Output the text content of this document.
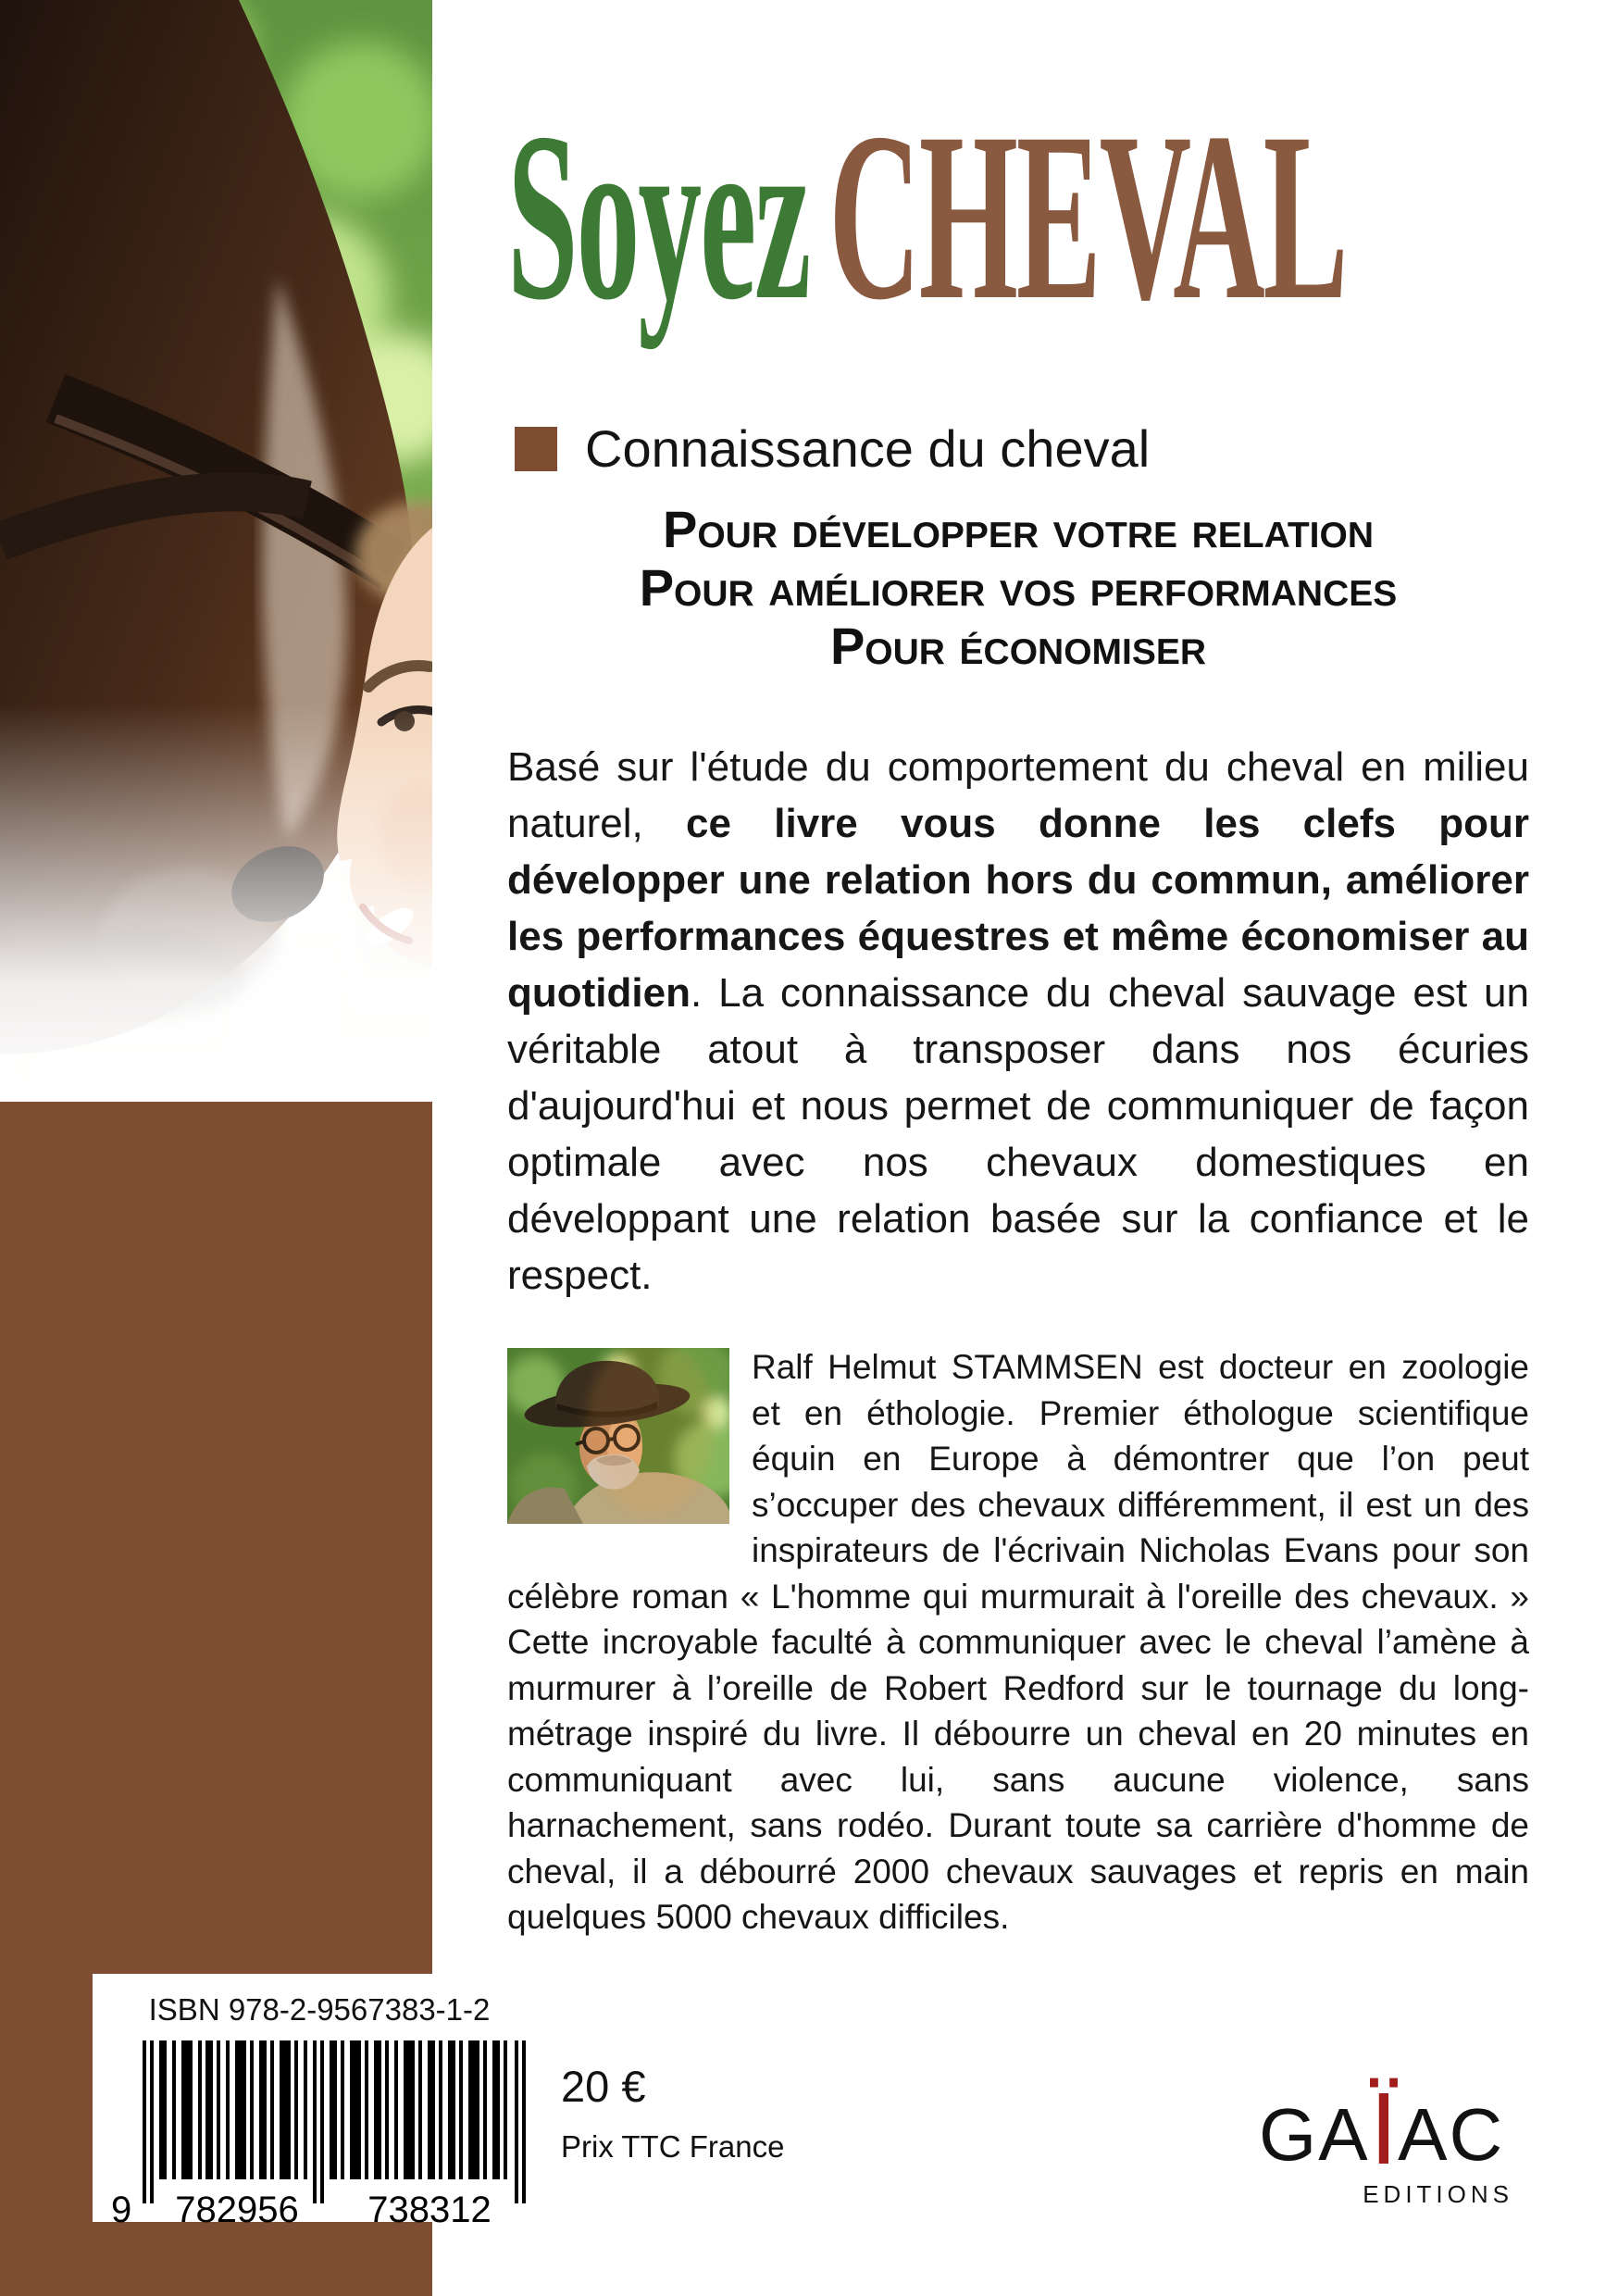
SoyezCHEVAL
Connaissance du cheval
Pour développer votre relation
Pour améliorer vos performances
Pour économiser

Basé sur l'étude du comportement du cheval en milieu naturel, ce livre vous donne les clefs pour développer une relation hors du commun, améliorer les performances équestres et même économiser au quotidien. La connaissance du cheval sauvage est un véritable atout à transposer dans nos écuries d'aujourd'hui et nous permet de communiquer de façon optimale avec nos chevaux domestiques en développant une relation basée sur la confiance et le respect.

Ralf Helmut STAMMSEN est docteur en zoologie et en éthologie. Premier éthologue scientifique équin en Europe à démontrer que l’on peut s’occuper des chevaux différemment, il est un des inspirateurs de l'écrivain Nicholas Evans pour son célèbre roman « L'homme qui murmurait à l'oreille des chevaux. » Cette incroyable faculté à communiquer avec le cheval l’amène à murmurer à l’oreille de Robert Redford sur le tournage du long-métrage inspiré du livre. Il débourre un cheval en 20 minutes en communiquant avec lui, sans aucune violence, sans harnachement, sans rodéo. Durant toute sa carrière d'homme de cheval, il a débourré 2000 chevaux sauvages et repris en main quelques 5000 chevaux difficiles.
ISBN 978-2-9567383-1-2
9 782956 738312
20 €
Prix TTC France	GAÏAC
EDITIONS
